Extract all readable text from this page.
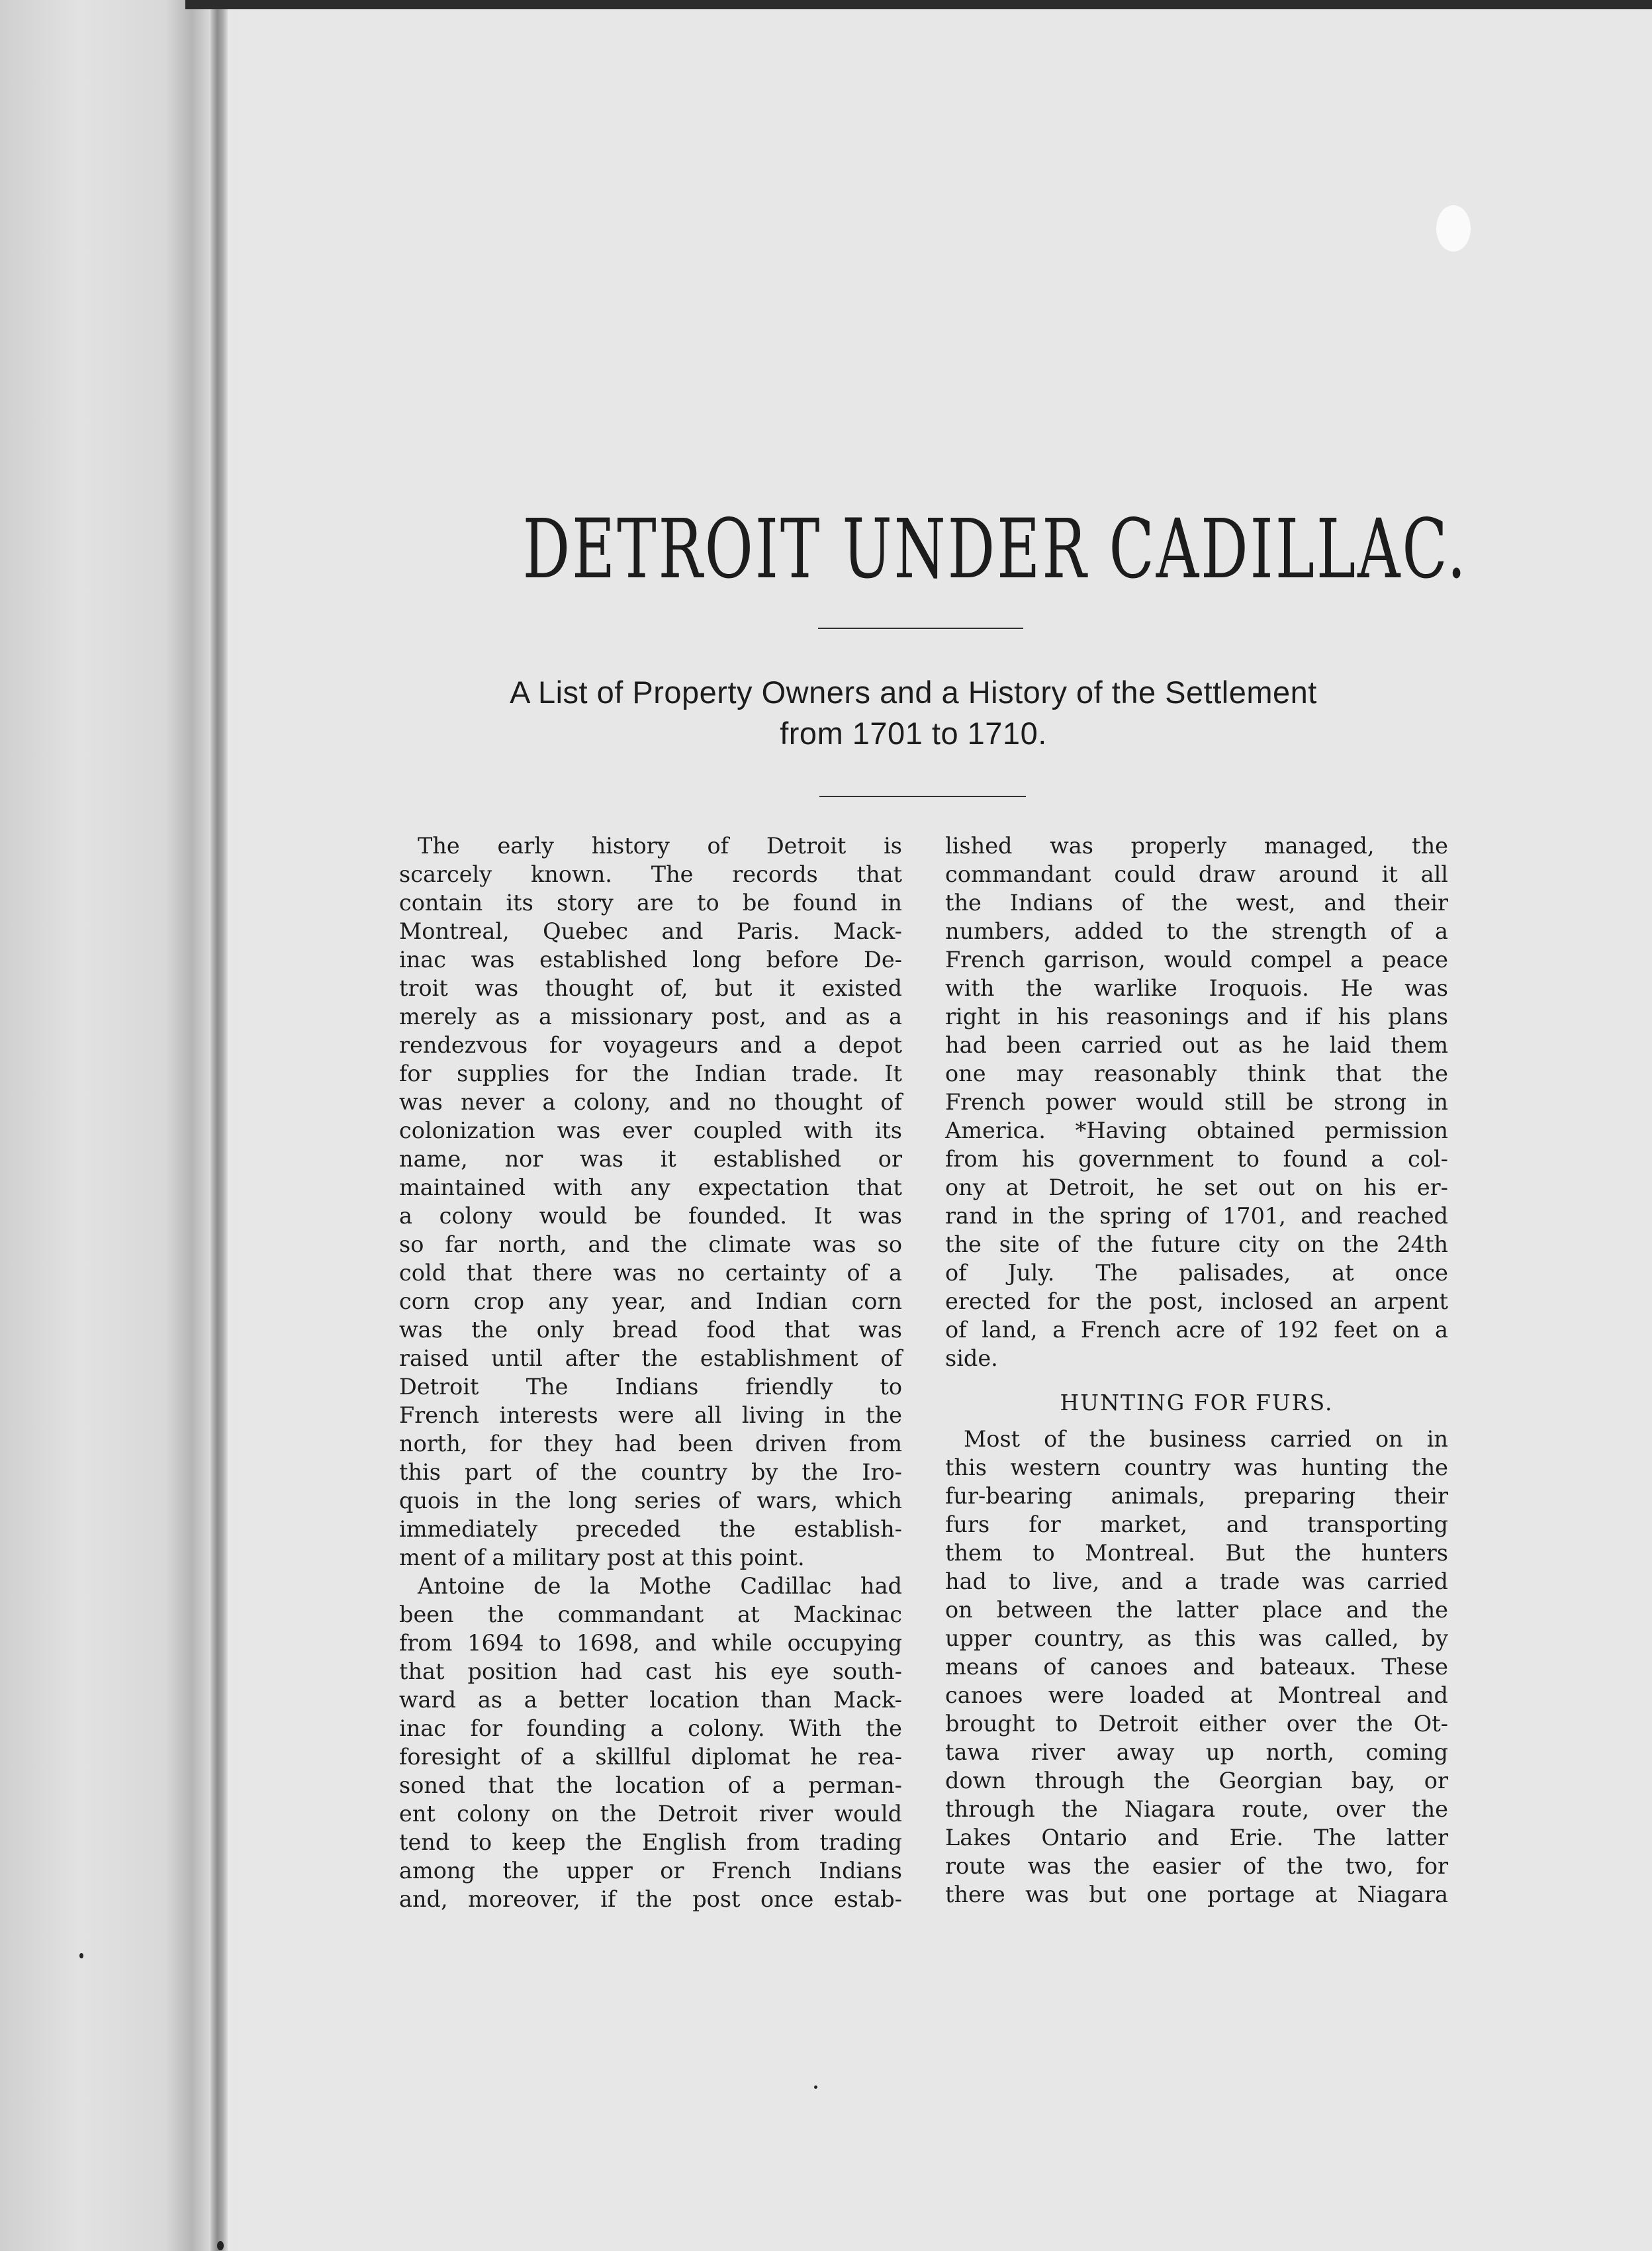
DETROIT UNDER CADILLAC.
A List of Property Owners and a History of the Settlement
from 1701 to 1710.
The early history of Detroit is
scarcely known. The records that
contain its story are to be found in
Montreal, Quebec and Paris. Mack-
inac was established long before De-
troit was thought of, but it existed
merely as a missionary post, and as a
rendezvous for voyageurs and a depot
for supplies for the Indian trade. It
was never a colony, and no thought of
colonization was ever coupled with its
name, nor was it established or
maintained with any expectation that
a colony would be founded. It was
so far north, and the climate was so
cold that there was no certainty of a
corn crop any year, and Indian corn
was the only bread food that was
raised until after the establishment of
Detroit The Indians friendly to
French interests were all living in the
north, for they had been driven from
this part of the country by the Iro-
quois in the long series of wars, which
immediately preceded the establish-
ment of a military post at this point.
Antoine de la Mothe Cadillac had
been the commandant at Mackinac
from 1694 to 1698, and while occupying
that position had cast his eye south-
ward as a better location than Mack-
inac for founding a colony. With the
foresight of a skillful diplomat he rea-
soned that the location of a perman-
ent colony on the Detroit river would
tend to keep the English from trading
among the upper or French Indians
and, moreover, if the post once estab-
lished was properly managed, the
commandant could draw around it all
the Indians of the west, and their
numbers, added to the strength of a
French garrison, would compel a peace
with the warlike Iroquois. He was
right in his reasonings and if his plans
had been carried out as he laid them
one may reasonably think that the
French power would still be strong in
America. *Having obtained permission
from his government to found a col-
ony at Detroit, he set out on his er-
rand in the spring of 1701, and reached
the site of the future city on the 24th
of July. The palisades, at once
erected for the post, inclosed an arpent
of land, a French acre of 192 feet on a
side.
HUNTING FOR FURS.
Most of the business carried on in
this western country was hunting the
fur-bearing animals, preparing their
furs for market, and transporting
them to Montreal. But the hunters
had to live, and a trade was carried
on between the latter place and the
upper country, as this was called, by
means of canoes and bateaux. These
canoes were loaded at Montreal and
brought to Detroit either over the Ot-
tawa river away up north, coming
down through the Georgian bay, or
through the Niagara route, over the
Lakes Ontario and Erie. The latter
route was the easier of the two, for
there was but one portage at Niagara
